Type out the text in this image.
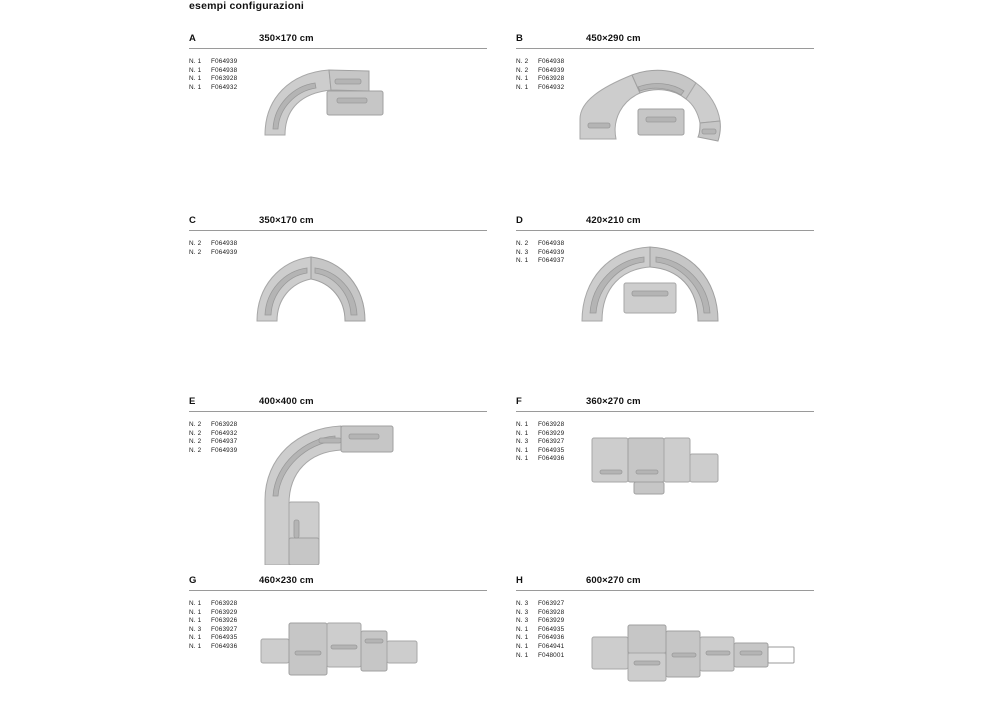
esempi configurazioni
A	350×170 cm
N. 1 F064939
N. 1 F064938
N. 1 F063928
N. 1 F064932
B	450×290 cm
N. 2 F064938
N. 2 F064939
N. 1 F063928
N. 1 F064932
C	350×170 cm
N. 2 F064938
N. 2 F064939
D	420×210 cm
N. 2 F064938
N. 3 F064939
N. 1 F064937
E	400×400 cm
N. 2 F063928
N. 2 F064932
N. 2 F064937
N. 2 F064939
F	360×270 cm
N. 1 F063928
N. 1 F063929
N. 3 F063927
N. 1 F064935
N. 1 F064936
G	460×230 cm
N. 1 F063928
N. 1 F063929
N. 1 F063926
N. 3 F063927
N. 1 F064935
N. 1 F064936
H	600×270 cm
N. 3 F063927
N. 3 F063928
N. 3 F063929
N. 1 F064935
N. 1 F064936
N. 1 F064941
N. 1 F048001
